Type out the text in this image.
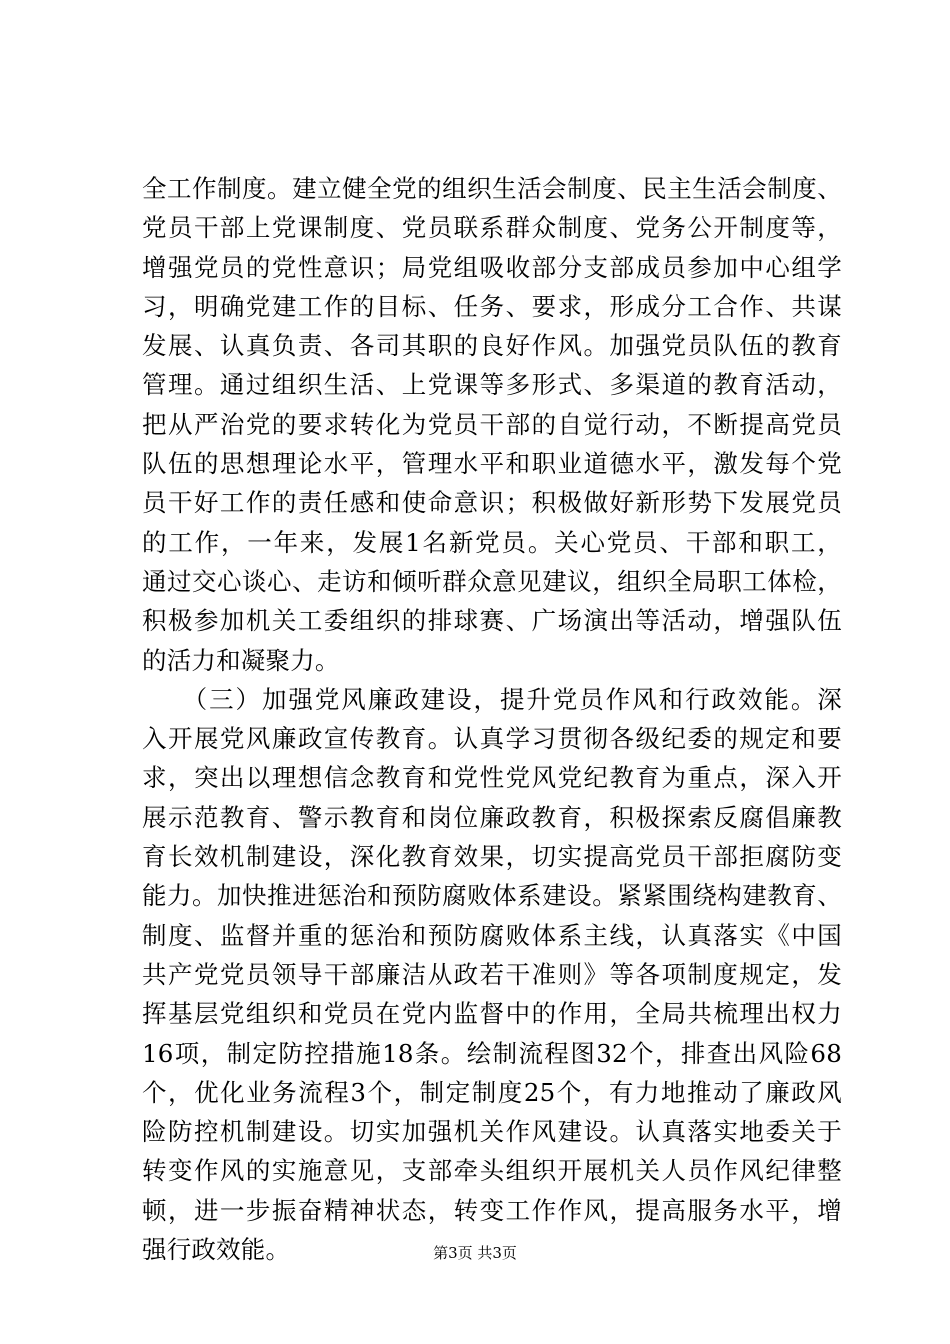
全工作制度。建立健全党的组织生活会制度、民主生活会制度、
党员干部上党课制度、党员联系群众制度、党务公开制度等，
增强党员的党性意识；局党组吸收部分支部成员参加中心组学
习，明确党建工作的目标、任务、要求，形成分工合作、共谋
发展、认真负责、各司其职的良好作风。加强党员队伍的教育
管理。通过组织生活、上党课等多形式、多渠道的教育活动，
把从严治党的要求转化为党员干部的自觉行动，不断提高党员
队伍的思想理论水平，管理水平和职业道德水平，激发每个党
员干好工作的责任感和使命意识；积极做好新形势下发展党员
的工作，一年来，发展1名新党员。关心党员、干部和职工，
通过交心谈心、走访和倾听群众意见建议，组织全局职工体检，
积极参加机关工委组织的排球赛、广场演出等活动，增强队伍
的活力和凝聚力。
　　（三）加强党风廉政建设，提升党员作风和行政效能。深
入开展党风廉政宣传教育。认真学习贯彻各级纪委的规定和要
求，突出以理想信念教育和党性党风党纪教育为重点，深入开
展示范教育、警示教育和岗位廉政教育，积极探索反腐倡廉教
育长效机制建设，深化教育效果，切实提高党员干部拒腐防变
能力。加快推进惩治和预防腐败体系建设。紧紧围绕构建教育、
制度、监督并重的惩治和预防腐败体系主线，认真落实《中国
共产党党员领导干部廉洁从政若干准则》等各项制度规定，发
挥基层党组织和党员在党内监督中的作用，全局共梳理出权力
16项，制定防控措施18条。绘制流程图32个，排查出风险68
个，优化业务流程3个，制定制度25个，有力地推动了廉政风
险防控机制建设。切实加强机关作风建设。认真落实地委关于
转变作风的实施意见，支部牵头组织开展机关人员作风纪律整
顿，进一步振奋精神状态，转变工作作风，提高服务水平，增
强行政效能。	第3页 共3页
